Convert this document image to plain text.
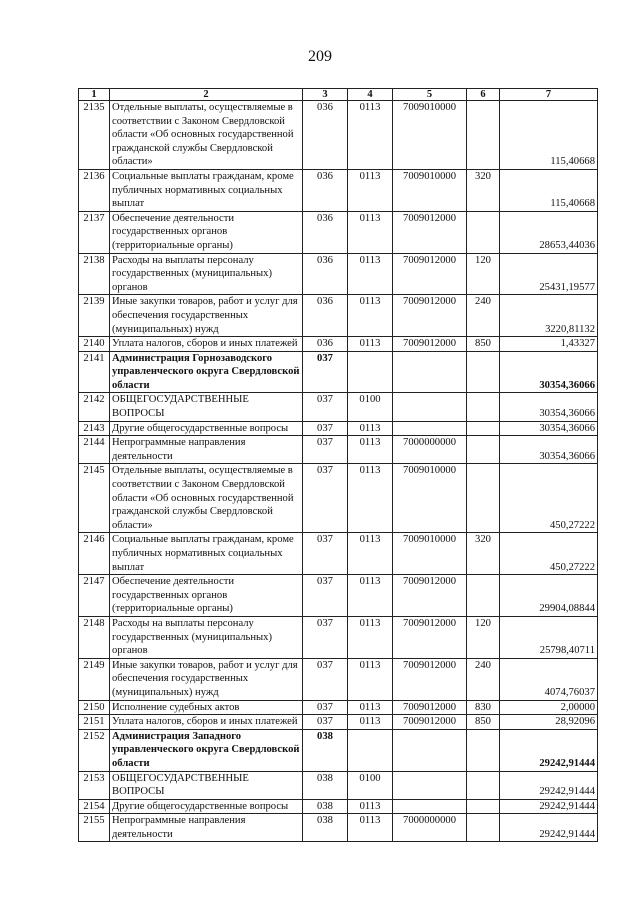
209
1	2	3	4	5	6	7
2135	Отдельные выплаты, осуществляемые в соответствии с Законом Свердловской области «Об основных государственной гражданской службы Свердловской области»	036	0113	7009010000		115,40668
2136	Социальные выплаты гражданам, кроме публичных нормативных социальных выплат	036	0113	7009010000	320	115,40668
2137	Обеспечение деятельности государственных органов (территориальные органы)	036	0113	7009012000		28653,44036
2138	Расходы на выплаты персоналу государственных (муниципальных) органов	036	0113	7009012000	120	25431,19577
2139	Иные закупки товаров, работ и услуг для обеспечения государственных (муниципальных) нужд	036	0113	7009012000	240	3220,81132
2140	Уплата налогов, сборов и иных платежей	036	0113	7009012000	850	1,43327
2141	Администрация Горнозаводского управленческого округа Свердловской области	037				30354,36066
2142	ОБЩЕГОСУДАРСТВЕННЫЕ ВОПРОСЫ	037	0100			30354,36066
2143	Другие общегосударственные вопросы	037	0113			30354,36066
2144	Непрограммные направления деятельности	037	0113	7000000000		30354,36066
2145	Отдельные выплаты, осуществляемые в соответствии с Законом Свердловской области «Об основных государственной гражданской службы Свердловской области»	037	0113	7009010000		450,27222
2146	Социальные выплаты гражданам, кроме публичных нормативных социальных выплат	037	0113	7009010000	320	450,27222
2147	Обеспечение деятельности государственных органов (территориальные органы)	037	0113	7009012000		29904,08844
2148	Расходы на выплаты персоналу государственных (муниципальных) органов	037	0113	7009012000	120	25798,40711
2149	Иные закупки товаров, работ и услуг для обеспечения государственных (муниципальных) нужд	037	0113	7009012000	240	4074,76037
2150	Исполнение судебных актов	037	0113	7009012000	830	2,00000
2151	Уплата налогов, сборов и иных платежей	037	0113	7009012000	850	28,92096
2152	Администрация Западного управленческого округа Свердловской области	038				29242,91444
2153	ОБЩЕГОСУДАРСТВЕННЫЕ ВОПРОСЫ	038	0100			29242,91444
2154	Другие общегосударственные вопросы	038	0113			29242,91444
2155	Непрограммные направления деятельности	038	0113	7000000000		29242,91444
